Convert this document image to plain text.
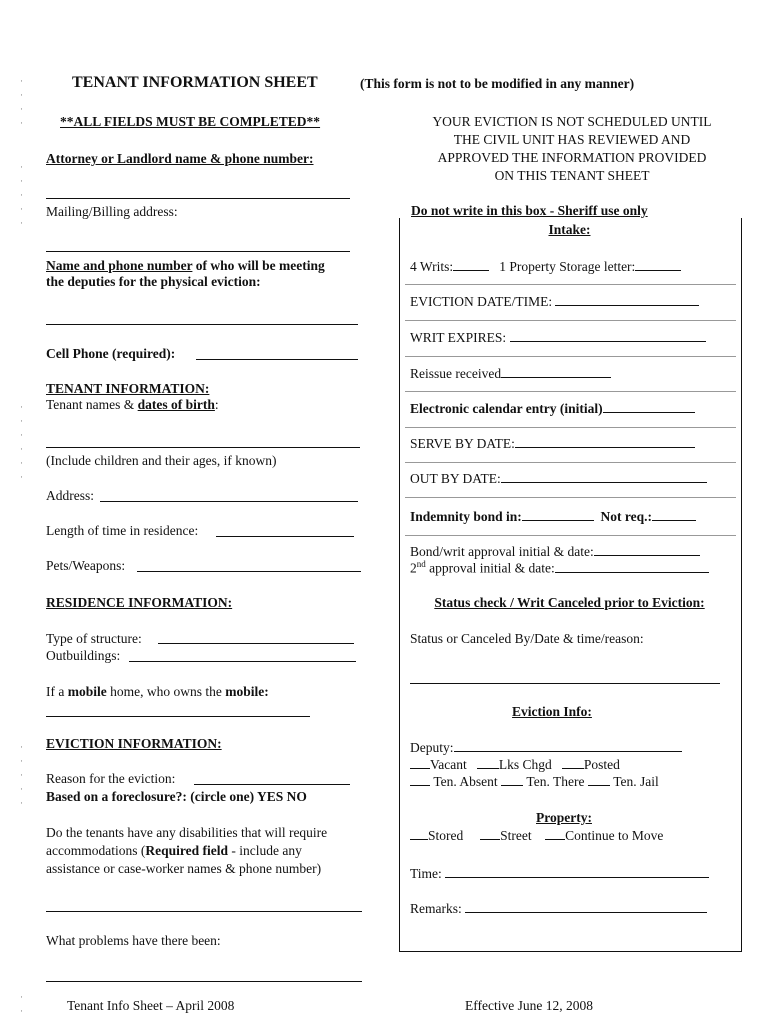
TENANT INFORMATION SHEET	(This form is not to be modified in any manner)
**ALL FIELDS MUST BE COMPLETED**
Attorney or Landlord name & phone number:
Mailing/Billing address:
Name and phone number of who will be meeting
the deputies for the physical eviction:
Cell Phone (required):
TENANT INFORMATION:
Tenant names & dates of birth:
(Include children and their ages, if known)
Address:
Length of time in residence:
Pets/Weapons:
RESIDENCE INFORMATION:
Type of structure:
Outbuildings:
If a mobile home, who owns the mobile:
EVICTION INFORMATION:
Reason for the eviction:
Based on a foreclosure?: (circle one) YES NO
Do the tenants have any disabilities that will require
accommodations (Required field - include any
assistance or case-worker names & phone number)
What problems have there been:
YOUR EVICTION IS NOT SCHEDULED UNTIL
THE CIVIL UNIT HAS REVIEWED AND
APPROVED THE INFORMATION PROVIDED
ON THIS TENANT SHEET
Do not write in this box - Sheriff use only
Intake:
4 Writs:	1 Property Storage letter:
EVICTION DATE/TIME:
WRIT EXPIRES:
Reissue received
Electronic calendar entry (initial)
SERVE BY DATE:
OUT BY DATE:
Indemnity bond in:	Not req.:
Bond/writ approval initial & date:
2nd approval initial & date:
Status check / Writ Canceled prior to Eviction:
Status or Canceled By/Date & time/reason:
Eviction Info:
Deputy:
Vacant Lks Chgd Posted
Ten. Absent Ten. There Ten. Jail
Property:
Stored	Street Continue to Move
Time:
Remarks:
Tenant Info Sheet – April 2008	Effective June 12, 2008
·
·
·
·
·
·
·
·
·
·
·
·
·
·
·
·
·
·
·
·
·
·
